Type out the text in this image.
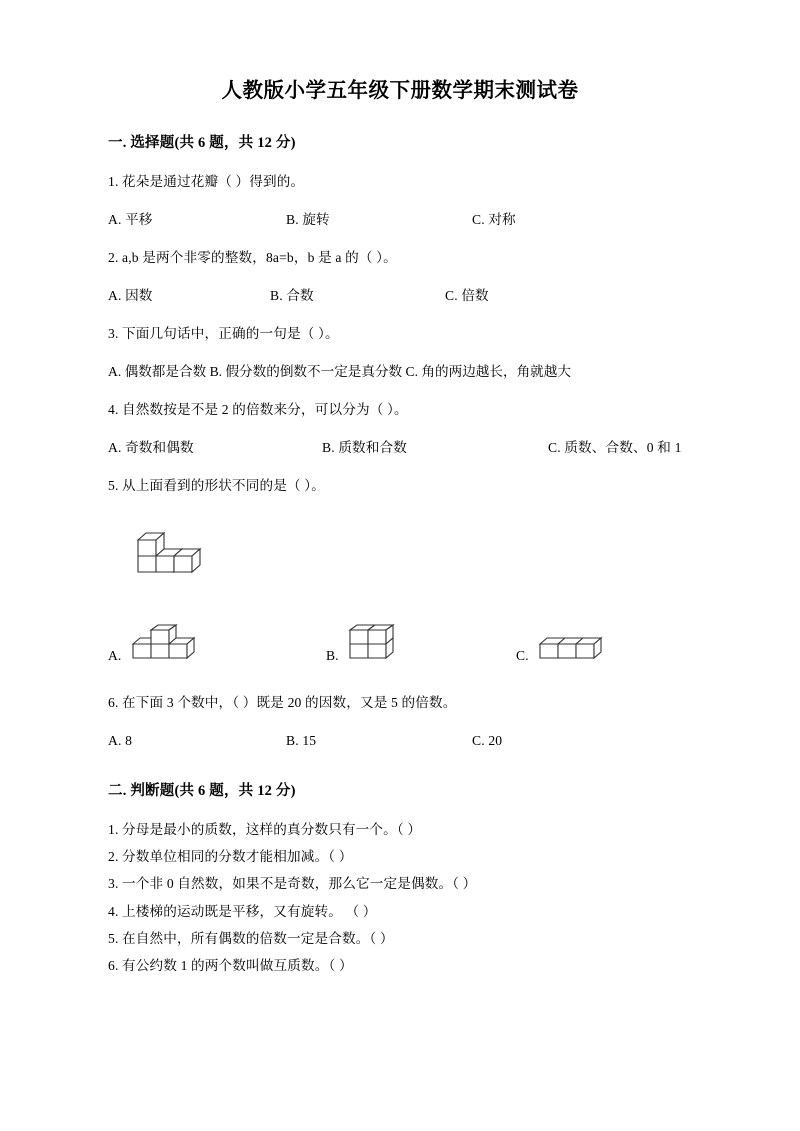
人教版小学五年级下册数学期末测试卷
一. 选择题(共 6 题，共 12 分)
1. 花朵是通过花瓣（ ）得到的。
A. 平移	B. 旋转	C. 对称
2. a,b 是两个非零的整数，8a=b，b 是 a 的（ ）。
A. 因数	B. 合数	C. 倍数
3. 下面几句话中，正确的一句是（ ）。

A. 偶数都是合数 B. 假分数的倒数不一定是真分数 C. 角的两边越长，角就越大

4. 自然数按是不是 2 的倍数来分，可以分为（ ）。
A. 奇数和偶数	B. 质数和合数	C. 质数、合数、0 和 1
5. 从上面看到的形状不同的是（ ）。
A.	B.	C.
6. 在下面 3 个数中，（ ）既是 20 的因数，又是 5 的倍数。
A. 8	B. 15	C. 20
二. 判断题(共 6 题，共 12 分)
1. 分母是最小的质数，这样的真分数只有一个。（ ）
2. 分数单位相同的分数才能相加减。（ ）
3. 一个非 0 自然数，如果不是奇数，那么它一定是偶数。（ ）
4. 上楼梯的运动既是平移，又有旋转。 （ ）
5. 在自然中，所有偶数的倍数一定是合数。（ ）
6. 有公约数 1 的两个数叫做互质数。（ ）
